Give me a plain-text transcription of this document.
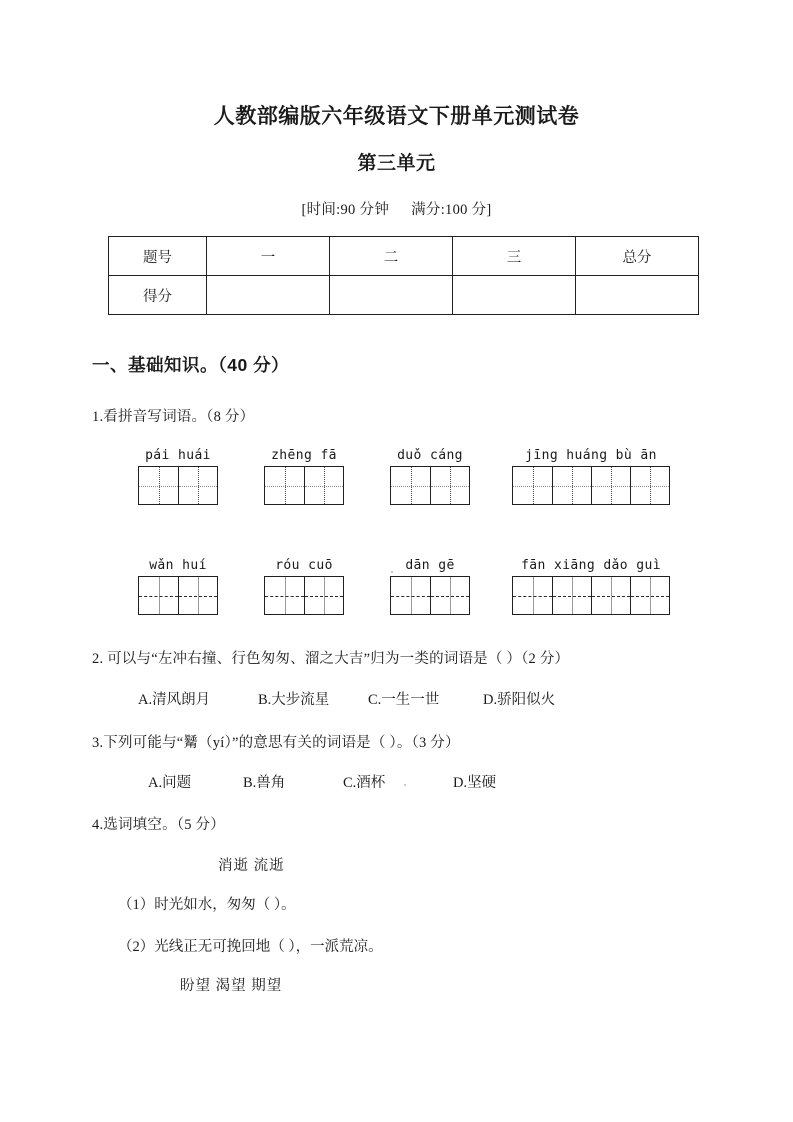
人教部编版六年级语文下册单元测试卷
第三单元
[时间:90 分钟 满分:100 分]
题号	一	二	三	总分
得分				
一、基础知识。（40 分）
1.看拼音写词语。（8 分）
pái huái	zhēng fā	duǒ cáng	jīng huáng bù ān
wǎn huí	róu cuō	dān gē	fān xiāng dǎo guì
2. 可以与“左冲右撞、行色匆匆、溜之大吉”归为一类的词语是（ ）（2 分）
A.清风朗月	B.大步流星	C.一生一世	D.骄阳似火
3.下列可能与“觺（yí）”的意思有关的词语是（ ）。（3 分）
A.问题	B.兽角	C.酒杯	D.坚硬
4.选词填空。（5 分）
消逝 流逝
（1）时光如水，匆匆（ ）。
（2）光线正无可挽回地（ ），一派荒凉。
盼望 渴望 期望
